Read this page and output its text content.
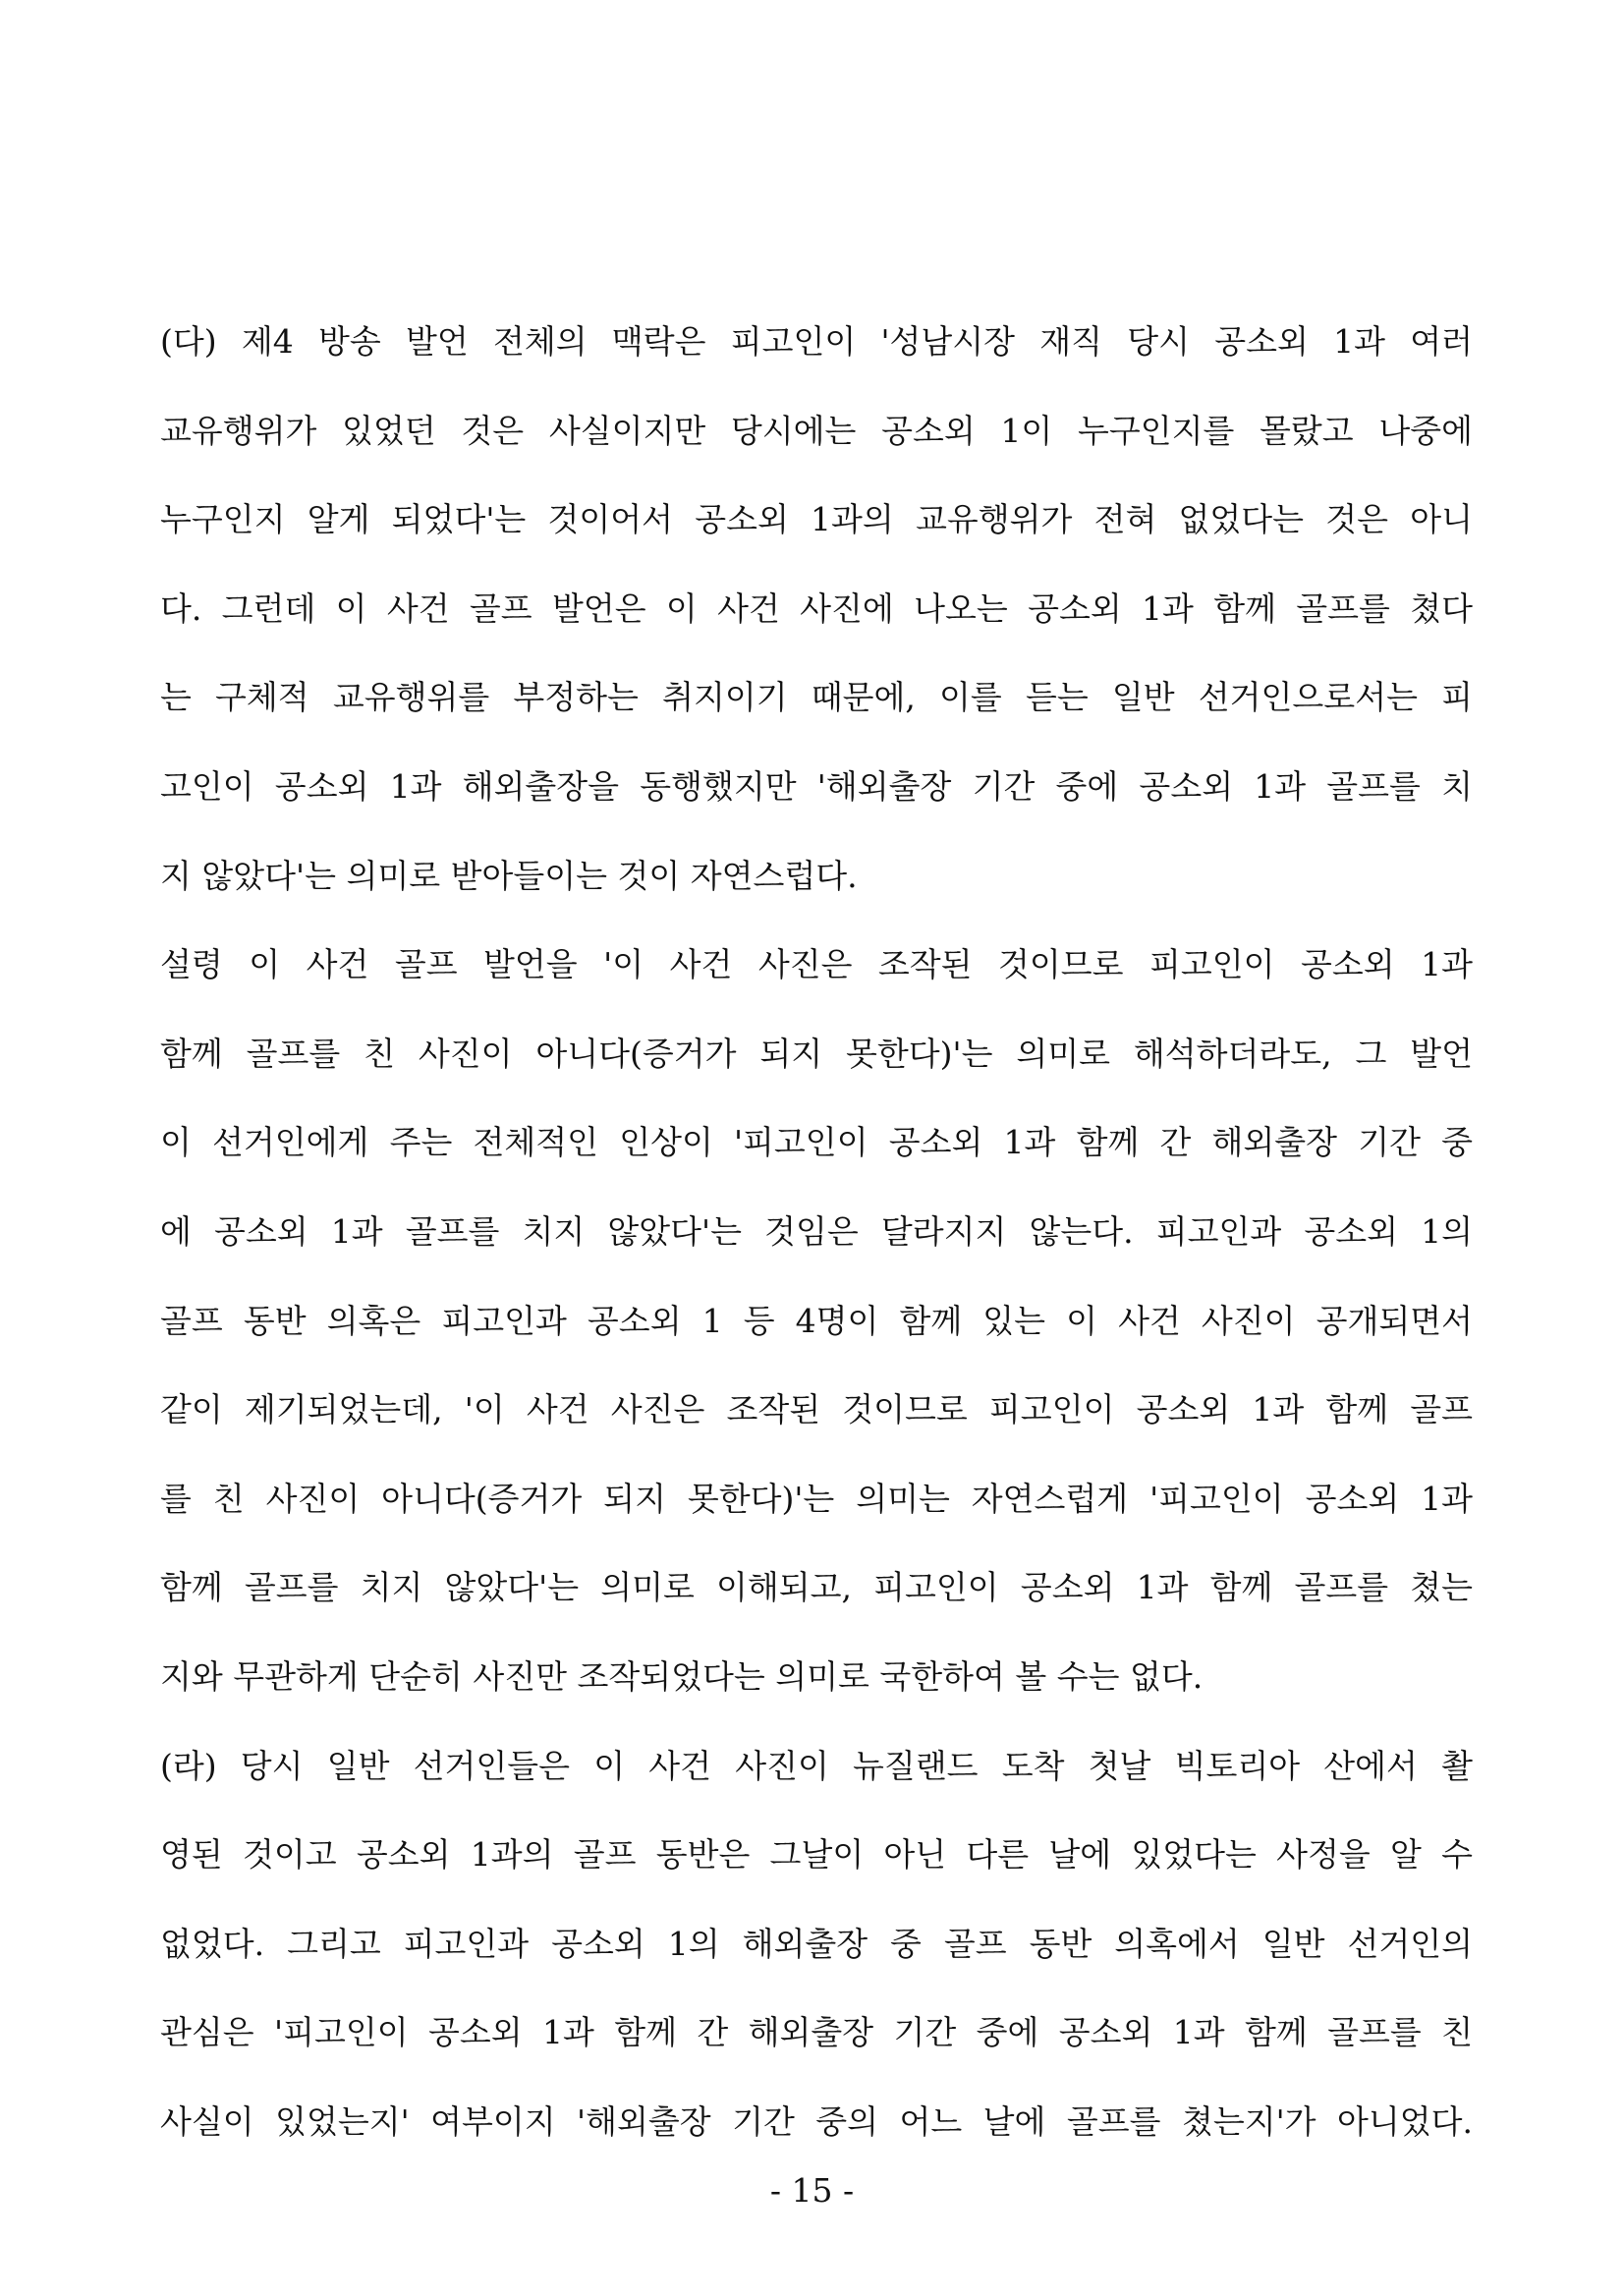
(다) 제4 방송 발언 전체의 맥락은 피고인이 '성남시장 재직 당시 공소외 1과 여러
교유행위가 있었던 것은 사실이지만 당시에는 공소외 1이 누구인지를 몰랐고 나중에
누구인지 알게 되었다'는 것이어서 공소외 1과의 교유행위가 전혀 없었다는 것은 아니
다. 그런데 이 사건 골프 발언은 이 사건 사진에 나오는 공소외 1과 함께 골프를 쳤다
는 구체적 교유행위를 부정하는 취지이기 때문에, 이를 듣는 일반 선거인으로서는 피
고인이 공소외 1과 해외출장을 동행했지만 '해외출장 기간 중에 공소외 1과 골프를 치
지 않았다'는 의미로 받아들이는 것이 자연스럽다.
설령 이 사건 골프 발언을 '이 사건 사진은 조작된 것이므로 피고인이 공소외 1과
함께 골프를 친 사진이 아니다(증거가 되지 못한다)'는 의미로 해석하더라도, 그 발언
이 선거인에게 주는 전체적인 인상이 '피고인이 공소외 1과 함께 간 해외출장 기간 중
에 공소외 1과 골프를 치지 않았다'는 것임은 달라지지 않는다. 피고인과 공소외 1의
골프 동반 의혹은 피고인과 공소외 1 등 4명이 함께 있는 이 사건 사진이 공개되면서
같이 제기되었는데, '이 사건 사진은 조작된 것이므로 피고인이 공소외 1과 함께 골프
를 친 사진이 아니다(증거가 되지 못한다)'는 의미는 자연스럽게 '피고인이 공소외 1과
함께 골프를 치지 않았다'는 의미로 이해되고, 피고인이 공소외 1과 함께 골프를 쳤는
지와 무관하게 단순히 사진만 조작되었다는 의미로 국한하여 볼 수는 없다.
(라) 당시 일반 선거인들은 이 사건 사진이 뉴질랜드 도착 첫날 빅토리아 산에서 촬
영된 것이고 공소외 1과의 골프 동반은 그날이 아닌 다른 날에 있었다는 사정을 알 수
없었다. 그리고 피고인과 공소외 1의 해외출장 중 골프 동반 의혹에서 일반 선거인의
관심은 '피고인이 공소외 1과 함께 간 해외출장 기간 중에 공소외 1과 함께 골프를 친
사실이 있었는지' 여부이지 '해외출장 기간 중의 어느 날에 골프를 쳤는지'가 아니었다.
- 15 -
